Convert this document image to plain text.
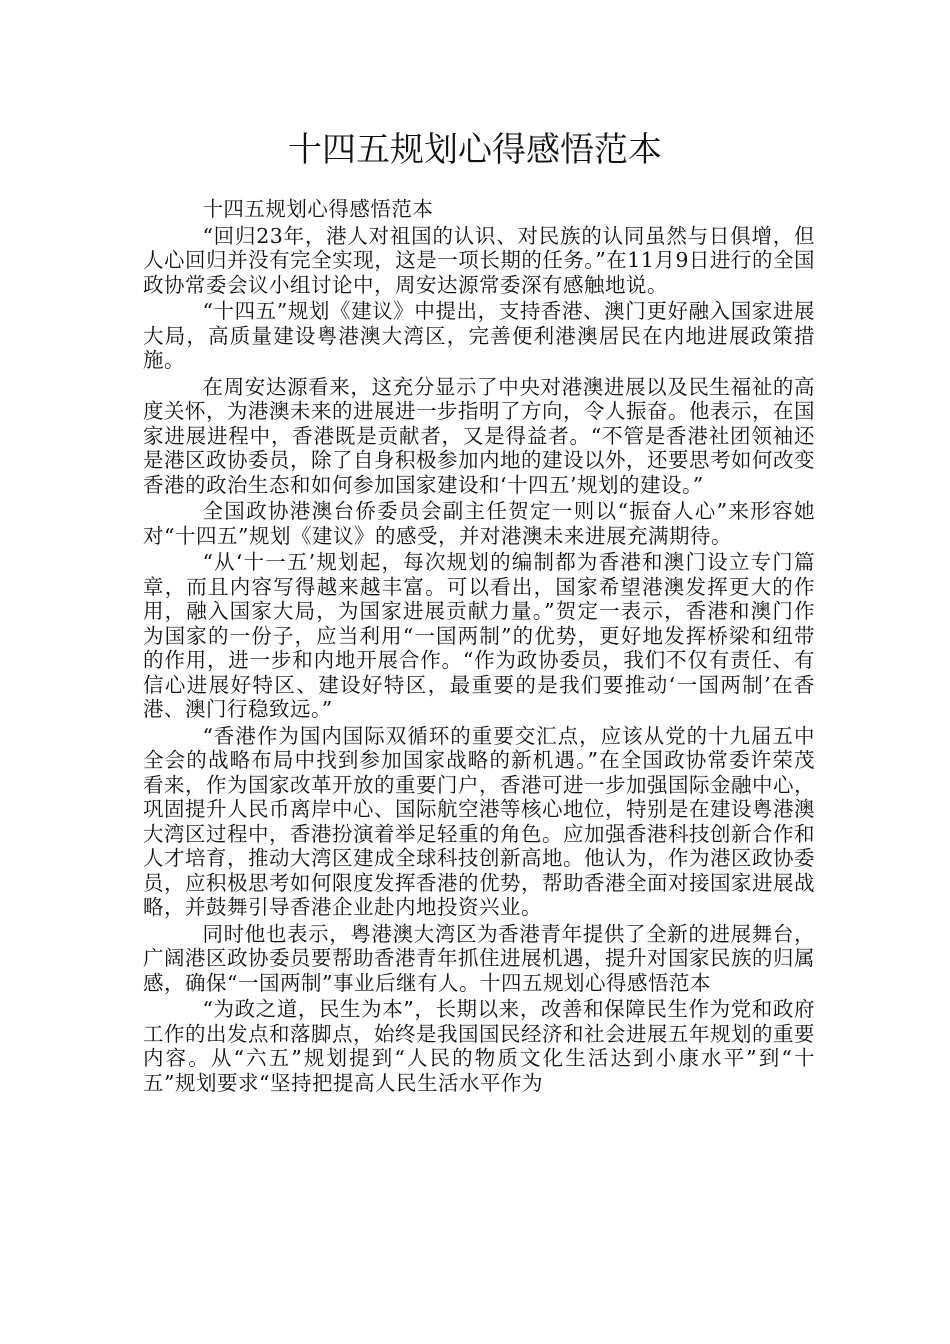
十四五规划心得感悟范本

十四五规划心得感悟范本

“回归23年，港人对祖国的认识、对民族的认同虽然与日俱增，但人心回归并没有完全实现，这是一项长期的任务。”在11月9日进行的全国政协常委会议小组讨论中，周安达源常委深有感触地说。

“十四五”规划《建议》中提出，支持香港、澳门更好融入国家进展大局，高质量建设粤港澳大湾区，完善便利港澳居民在内地进展政策措施。

在周安达源看来，这充分显示了中央对港澳进展以及民生福祉的高度关怀，为港澳未来的进展进一步指明了方向，令人振奋。他表示，在国家进展进程中，香港既是贡献者，又是得益者。“不管是香港社团领袖还是港区政协委员，除了自身积极参加内地的建设以外，还要思考如何改变香港的政治生态和如何参加国家建设和‘十四五’规划的建设。”

全国政协港澳台侨委员会副主任贺定一则以“振奋人心”来形容她对“十四五”规划《建议》的感受，并对港澳未来进展充满期待。

“从‘十一五’规划起，每次规划的编制都为香港和澳门设立专门篇章，而且内容写得越来越丰富。可以看出，国家希望港澳发挥更大的作用，融入国家大局，为国家进展贡献力量。”贺定一表示，香港和澳门作为国家的一份子，应当利用“一国两制”的优势，更好地发挥桥梁和纽带的作用，进一步和内地开展合作。“作为政协委员，我们不仅有责任、有信心进展好特区、建设好特区，最重要的是我们要推动‘一国两制’在香港、澳门行稳致远。”

“香港作为国内国际双循环的重要交汇点，应该从党的十九届五中全会的战略布局中找到参加国家战略的新机遇。”在全国政协常委许荣茂看来，作为国家改革开放的重要门户，香港可进一步加强国际金融中心，巩固提升人民币离岸中心、国际航空港等核心地位，特别是在建设粤港澳大湾区过程中，香港扮演着举足轻重的角色。应加强香港科技创新合作和人才培育，推动大湾区建成全球科技创新高地。他认为，作为港区政协委员，应积极思考如何限度发挥香港的优势，帮助香港全面对接国家进展战略，并鼓舞引导香港企业赴内地投资兴业。

同时他也表示，粤港澳大湾区为香港青年提供了全新的进展舞台，广阔港区政协委员要帮助香港青年抓住进展机遇，提升对国家民族的归属感，确保“一国两制”事业后继有人。十四五规划心得感悟范本

“为政之道，民生为本”，长期以来，改善和保障民生作为党和政府工作的出发点和落脚点，始终是我国国民经济和社会进展五年规划的重要内容。从“六五”规划提到“人民的物质文化生活达到小康水平”到“十五”规划要求“坚持把提高人民生活水平作为
